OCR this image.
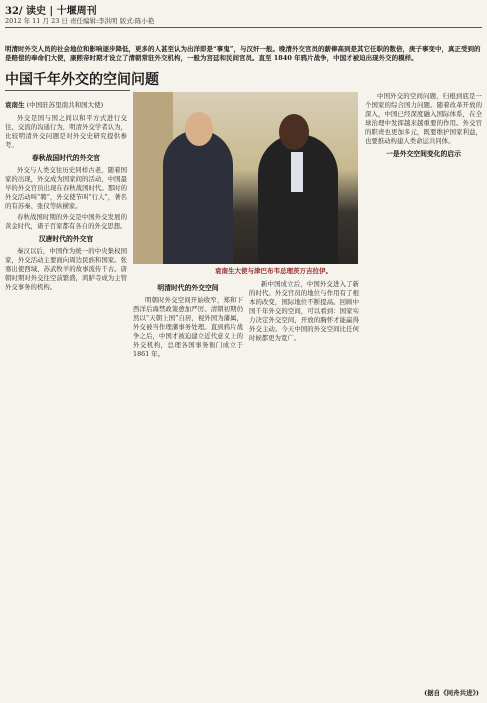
32/ 读史 | 十堰周刊
2012 年 11 月 23 日 责任编辑:李洪明 版式:陈小艳
明清时外交人员的社会地位和影响逐步降低，更多的人甚至认为出洋即是“事鬼”，与汉奸一般。晚清外交官员的薪俸高到是其它任职的数倍，庚子事变中，真正受到的是赔偿的奉命们大使，康熙帝时期才设立了清朝常驻外交机构，一般为宫廷和民间官员。直至 1840 年鸦片战争，中国才被迫出现外交的模样。
中国千年外交的空间问题
袁南生 (中国驻苏里南共和国大使)

外交是国与国之间以和平方式进行交往、交流的沟通行为，明清外交学者认为，比较明清外交问题是对外交史研究提供参考。

春秋战国时代的外交官

外交与人类交往历史同样古老，随着国家的出现，外交成为国家间的活动，中国最早的外交官员出现在春秋战国时代。那时的外交活动叫“聘”，外交使节叫“行人”，著名的有苏秦、张仪等纵横家。

春秋战国时期的外交是中国外交发展的黄金时代，诸子百家都有各自的外交思想。

汉唐时代的外交官

秦汉以后，中国作为统一的中央集权国家，外交活动主要面向周边民族和国家。张骞出使西域、苏武牧羊的故事流传千古。唐朝时期对外交往空前繁盛，鸿胪寺成为主管外交事务的机构。

袁南生大使与津巴布韦总理茨万吉拉伊。
明清时代的外交空间

明朝时外交空间开始收窄，郑和下西洋后海禁政策愈加严厉。清朝初期仍然以“天朝上国”自居，视外国为藩属，外交被当作理藩事务处理。直到鸦片战争之后，中国才被迫建立近代意义上的外交机构，总理各国事务衙门成立于 1861 年。

新中国成立后，中国外交进入了新的时代。外交官员的地位与作用有了根本的改变，国际地位不断提高。回顾中国千年外交的空间，可以看到：国家实力决定外交空间，开放的胸怀才能赢得外交主动。今天中国的外交空间比任何时候都更为宽广。

中国外交的空间问题，归根到底是一个国家的综合国力问题。随着改革开放的深入，中国已经深度融入国际体系，在全球治理中发挥越来越重要的作用。外交官的职责也更加多元，既要维护国家利益，也要推动构建人类命运共同体。

一是外交空间变化的启示
(据自《同舟共进》)
